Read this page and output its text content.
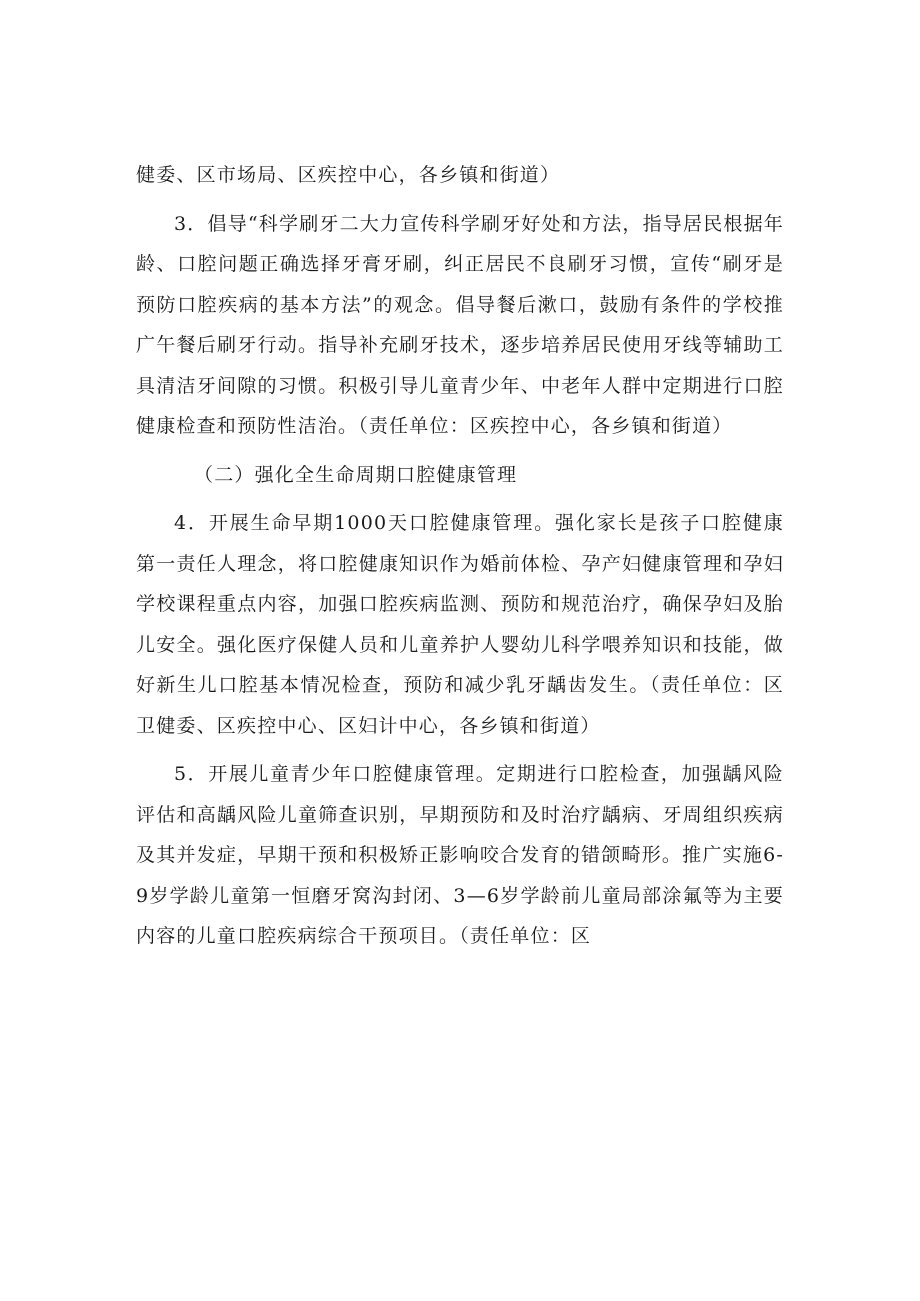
健委、区市场局、区疾控中心，各乡镇和街道）

3．倡导“科学刷牙二大力宣传科学刷牙好处和方法，指导居民根据年龄、口腔问题正确选择牙膏牙刷，纠正居民不良刷牙习惯，宣传“刷牙是预防口腔疾病的基本方法”的观念。倡导餐后漱口，鼓励有条件的学校推广午餐后刷牙行动。指导补充刷牙技术，逐步培养居民使用牙线等辅助工具清洁牙间隙的习惯。积极引导儿童青少年、中老年人群中定期进行口腔健康检查和预防性洁治。（责任单位：区疾控中心，各乡镇和街道）

（二）强化全生命周期口腔健康管理

4．开展生命早期1000天口腔健康管理。强化家长是孩子口腔健康第一责任人理念，将口腔健康知识作为婚前体检、孕产妇健康管理和孕妇学校课程重点内容，加强口腔疾病监测、预防和规范治疗，确保孕妇及胎儿安全。强化医疗保健人员和儿童养护人婴幼儿科学喂养知识和技能，做好新生儿口腔基本情况检查，预防和减少乳牙龋齿发生。（责任单位：区卫健委、区疾控中心、区妇计中心，各乡镇和街道）

5．开展儿童青少年口腔健康管理。定期进行口腔检查，加强龋风险评估和高龋风险儿童筛查识别，早期预防和及时治疗龋病、牙周组织疾病及其并发症，早期干预和积极矫正影响咬合发育的错颌畸形。推广实施6-9岁学龄儿童第一恒磨牙窝沟封闭、3—6岁学龄前儿童局部涂氟等为主要内容的儿童口腔疾病综合干预项目。（责任单位：区
